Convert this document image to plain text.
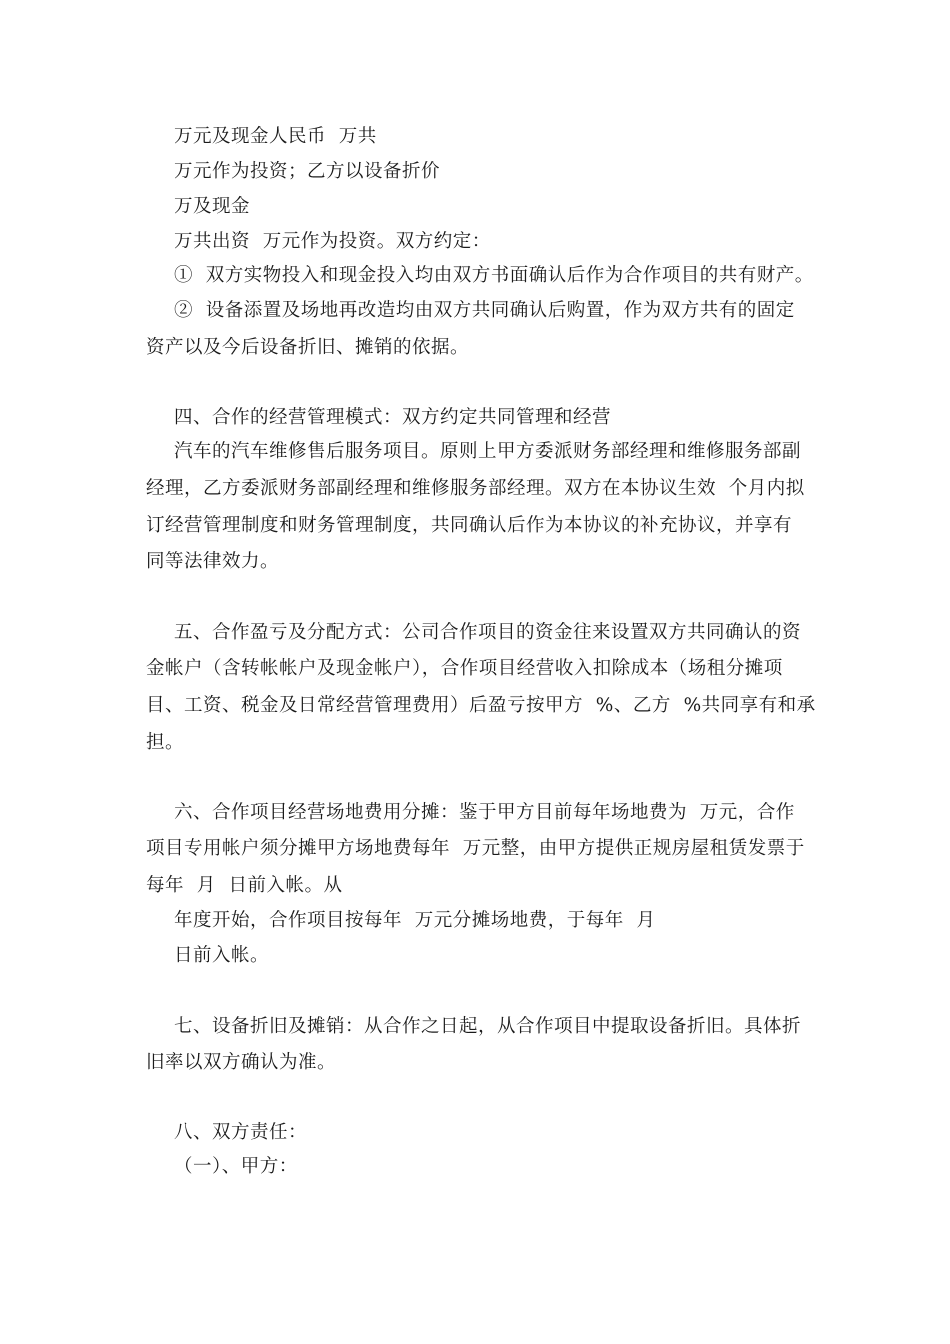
万元及现金人民币  万共
万元作为投资；乙方以设备折价
万及现金
万共出资  万元作为投资。双方约定：
①  双方实物投入和现金投入均由双方书面确认后作为合作项目的共有财产。
②  设备添置及场地再改造均由双方共同确认后购置，作为双方共有的固定
资产以及今后设备折旧、摊销的依据。
四、合作的经营管理模式：双方约定共同管理和经营
汽车的汽车维修售后服务项目。原则上甲方委派财务部经理和维修服务部副
经理，乙方委派财务部副经理和维修服务部经理。双方在本协议生效  个月内拟
订经营管理制度和财务管理制度，共同确认后作为本协议的补充协议，并享有
同等法律效力。
五、合作盈亏及分配方式：公司合作项目的资金往来设置双方共同确认的资
金帐户（含转帐帐户及现金帐户），合作项目经营收入扣除成本（场租分摊项
目、工资、税金及日常经营管理费用）后盈亏按甲方  %、乙方  %共同享有和承
担。
六、合作项目经营场地费用分摊：鉴于甲方目前每年场地费为  万元，合作
项目专用帐户须分摊甲方场地费每年  万元整，由甲方提供正规房屋租赁发票于
每年  月  日前入帐。从
年度开始，合作项目按每年  万元分摊场地费，于每年  月
日前入帐。
七、设备折旧及摊销：从合作之日起，从合作项目中提取设备折旧。具体折
旧率以双方确认为准。
八、双方责任：
（一）、甲方：
